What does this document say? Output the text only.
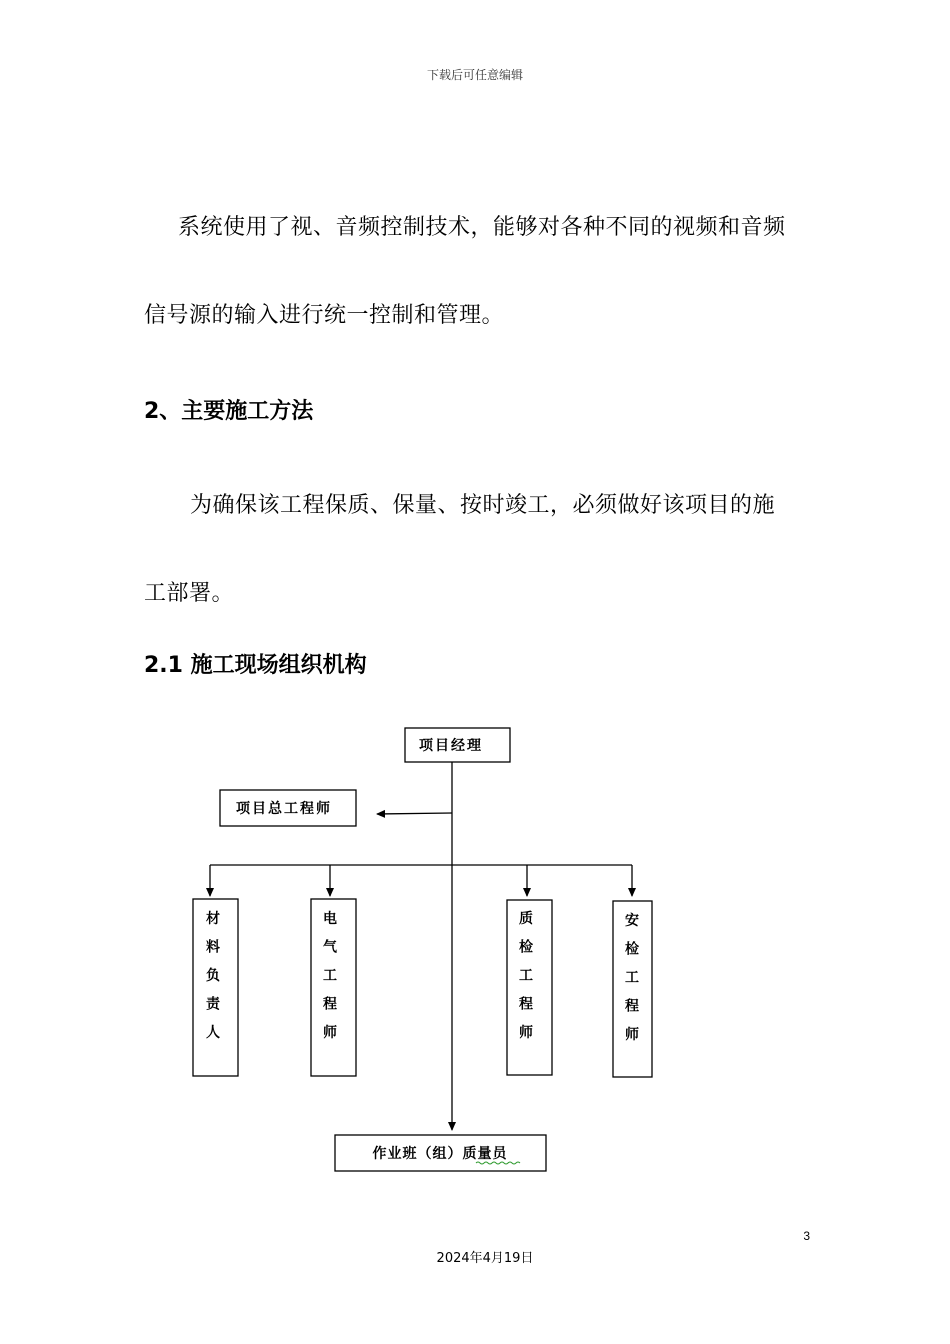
下载后可任意编辑
系统使用了视、音频控制技术，能够对各种不同的视频和音频
信号源的输入进行统一控制和管理。
2、主要施工方法
为确保该工程保质、保量、按时竣工，必须做好该项目的施
工部署。
2.1 施工现场组织机构
项目经理
项目总工程师
材料负责人
电气工程师
质检工程师
安检工程师
作业班（组）质量员
3
2024年4月19日
